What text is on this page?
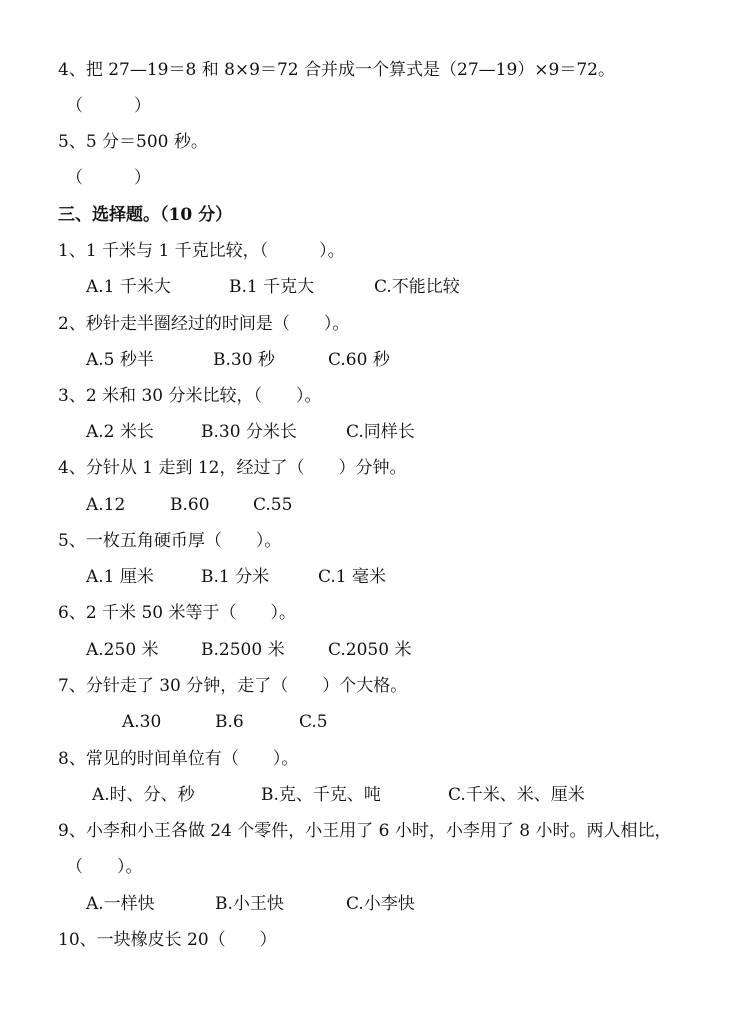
4、把 27—19＝8 和 8×9＝72 合并成一个算式是（27—19）×9＝72。
（　　　）
5、5 分＝500 秒。
（　　　）
三、选择题。（10 分）
1、1 千米与 1 千克比较，（　　　）。
A.1 千米大	B.1 千克大	C.不能比较
2、秒针走半圈经过的时间是（　　）。
A.5 秒半	B.30 秒	C.60 秒
3、2 米和 30 分米比较，（　　）。
A.2 米长	B.30 分米长	C.同样长
4、分针从 1 走到 12，经过了（　　）分钟。
A.12	B.60	C.55
5、一枚五角硬币厚（　　）。
A.1 厘米	B.1 分米	C.1 毫米
6、2 千米 50 米等于（　　）。
A.250 米 B.2500 米	C.2050 米
7、分针走了 30 分钟，走了（　　）个大格。
A.30	B.6	C.5
8、常见的时间单位有（　　）。
A.时、分、秒	B.克、千克、吨	C.千米、米、厘米
9、小李和小王各做 24 个零件，小王用了 6 小时，小李用了 8 小时。两人相比，
（　　）。
A.一样快	B.小王快	C.小李快
10、一块橡皮长 20（　　）
